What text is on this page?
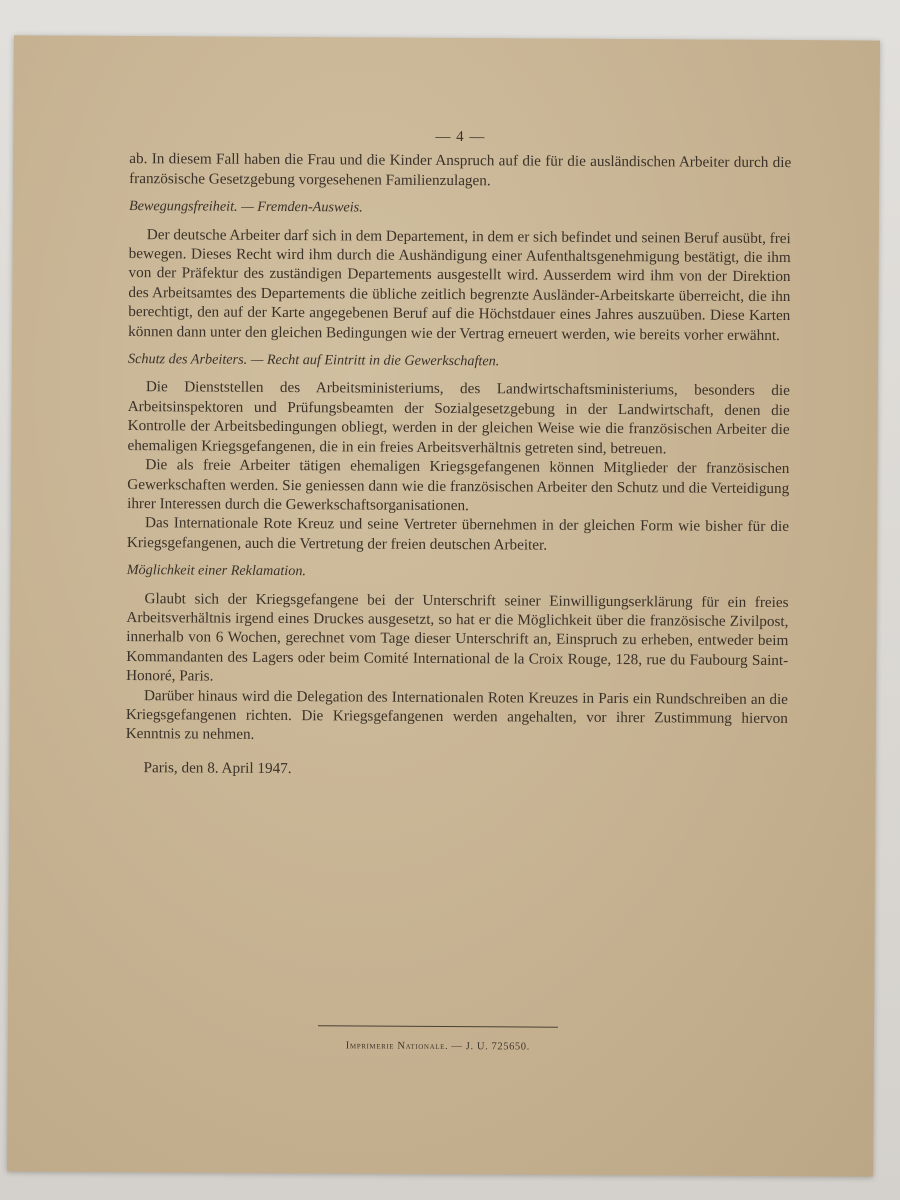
— 4 —

ab. In diesem Fall haben die Frau und die Kinder Anspruch auf die für die ausländischen Arbeiter durch die französische Gesetzgebung vorgesehenen Familienzulagen.

Bewegungsfreiheit. — Fremden-Ausweis.

Der deutsche Arbeiter darf sich in dem Departement, in dem er sich befindet und seinen Beruf ausübt, frei bewegen. Dieses Recht wird ihm durch die Aushändigung einer Aufenthaltsgenehmigung bestätigt, die ihm von der Präfektur des zuständigen Departements ausgestellt wird. Ausserdem wird ihm von der Direktion des Arbeitsamtes des Departements die übliche zeitlich begrenzte Ausländer-Arbeitskarte überreicht, die ihn berechtigt, den auf der Karte angegebenen Beruf auf die Höchstdauer eines Jahres auszuüben. Diese Karten können dann unter den gleichen Bedingungen wie der Vertrag erneuert werden, wie bereits vorher erwähnt.

Schutz des Arbeiters. — Recht auf Eintritt in die Gewerkschaften.

Die Dienststellen des Arbeitsministeriums, des Landwirtschaftsministeriums, besonders die Arbeitsinspektoren und Prüfungsbeamten der Sozialgesetzgebung in der Landwirtschaft, denen die Kontrolle der Arbeitsbedingungen obliegt, werden in der gleichen Weise wie die französischen Arbeiter die ehemaligen Kriegsgefangenen, die in ein freies Arbeitsverhältnis getreten sind, betreuen.

Die als freie Arbeiter tätigen ehemaligen Kriegsgefangenen können Mitglieder der französischen Gewerkschaften werden. Sie geniessen dann wie die französischen Arbeiter den Schutz und die Verteidigung ihrer Interessen durch die Gewerkschaftsorganisationen.

Das Internationale Rote Kreuz und seine Vertreter übernehmen in der gleichen Form wie bisher für die Kriegsgefangenen, auch die Vertretung der freien deutschen Arbeiter.

Möglichkeit einer Reklamation.

Glaubt sich der Kriegsgefangene bei der Unterschrift seiner Einwilligungserklärung für ein freies Arbeitsverhältnis irgend eines Druckes ausgesetzt, so hat er die Möglichkeit über die französische Zivilpost, innerhalb von 6 Wochen, gerechnet vom Tage dieser Unterschrift an, Einspruch zu erheben, entweder beim Kommandanten des Lagers oder beim Comité International de la Croix Rouge, 128, rue du Faubourg Saint-Honoré, Paris.

Darüber hinaus wird die Delegation des Internationalen Roten Kreuzes in Paris ein Rundschreiben an die Kriegsgefangenen richten. Die Kriegsgefangenen werden angehalten, vor ihrer Zustimmung hiervon Kenntnis zu nehmen.

Paris, den 8. April 1947.

Imprimerie Nationale. — J. U. 725650.
